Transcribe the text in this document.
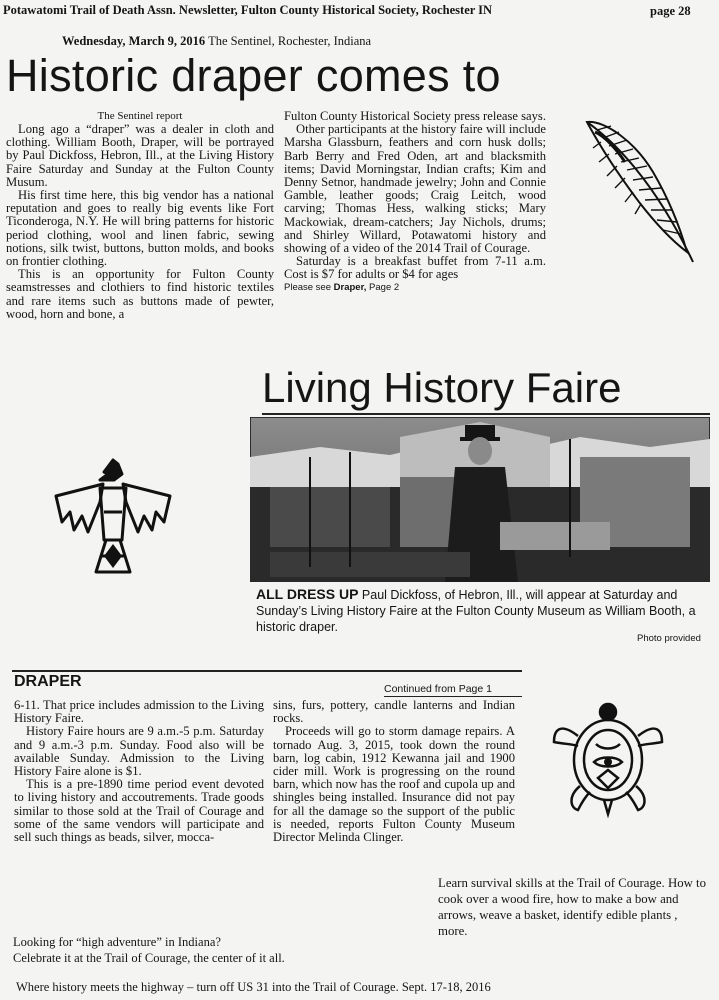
Potawatomi Trail of Death Assn. Newsletter, Fulton County Historical Society, Rochester IN	page 28
Wednesday, March 9, 2016 The Sentinel, Rochester, Indiana
Historic draper comes to
The Sentinel report

Long ago a “draper” was a dealer in cloth and clothing. William Booth, Draper, will be portrayed by Paul Dickfoss, Hebron, Ill., at the Living History Faire Saturday and Sunday at the Fulton County Musum.

His first time here, this big vendor has a national reputation and goes to really big events like Fort Ticonderoga, N.Y. He will bring patterns for historic period clothing, wool and linen fabric, sewing notions, silk twist, buttons, button molds, and books on frontier clothing.

This is an opportunity for Fulton County seamstresses and clothiers to find historic textiles and rare items such as buttons made of pewter, wood, horn and bone, a

Fulton County Historical Society press release says.

Other participants at the history faire will include Marsha Glassburn, feathers and corn husk dolls; Barb Berry and Fred Oden, art and blacksmith items; David Morningstar, Indian crafts; Kim and Denny Setnor, handmade jewelry; John and Connie Gamble, leather goods; Craig Leitch, wood carving; Thomas Hess, walking sticks; Mary Mackowiak, dream-catchers; Jay Nichols, drums; and Shirley Willard, Potawatomi history and showing of a video of the 2014 Trail of Courage.

Saturday is a breakfast buffet from 7-11 a.m. Cost is $7 for adults or $4 for ages

Please see Draper, Page 2
Living History Faire
ALL DRESS UP Paul Dickfoss, of Hebron, Ill., will appear at Saturday and Sunday’s Living History Faire at the Fulton County Museum as William Booth, a historic draper.
Photo provided
DRAPER	Continued from Page 1

6-11. That price includes admission to the Living History Faire.

History Faire hours are 9 a.m.-5 p.m. Saturday and 9 a.m.-3 p.m. Sunday. Food also will be available Sunday. Admission to the Living History Faire alone is $1.

This is a pre-1890 time period event devoted to living history and accoutrements. Trade goods similar to those sold at the Trail of Courage and some of the same vendors will participate and sell such things as beads, silver, mocca-

sins, furs, pottery, candle lanterns and Indian rocks.

Proceeds will go to storm damage repairs. A tornado Aug. 3, 2015, took down the round barn, log cabin, 1912 Kewanna jail and 1900 cider mill. Work is progressing on the round barn, which now has the roof and cupola up and shingles being installed. Insurance did not pay for all the damage so the support of the public is needed, reports Fulton County Museum Director Melinda Clinger.

Learn survival skills at the Trail of Courage. How to cook over a wood fire, how to make a bow and arrows, weave a basket, identify edible plants , more.
Looking for “high adventure” in Indiana?
Celebrate it at the Trail of Courage, the center of it all.
Where history meets the highway – turn off US 31 into the Trail of Courage. Sept. 17-18, 2016
